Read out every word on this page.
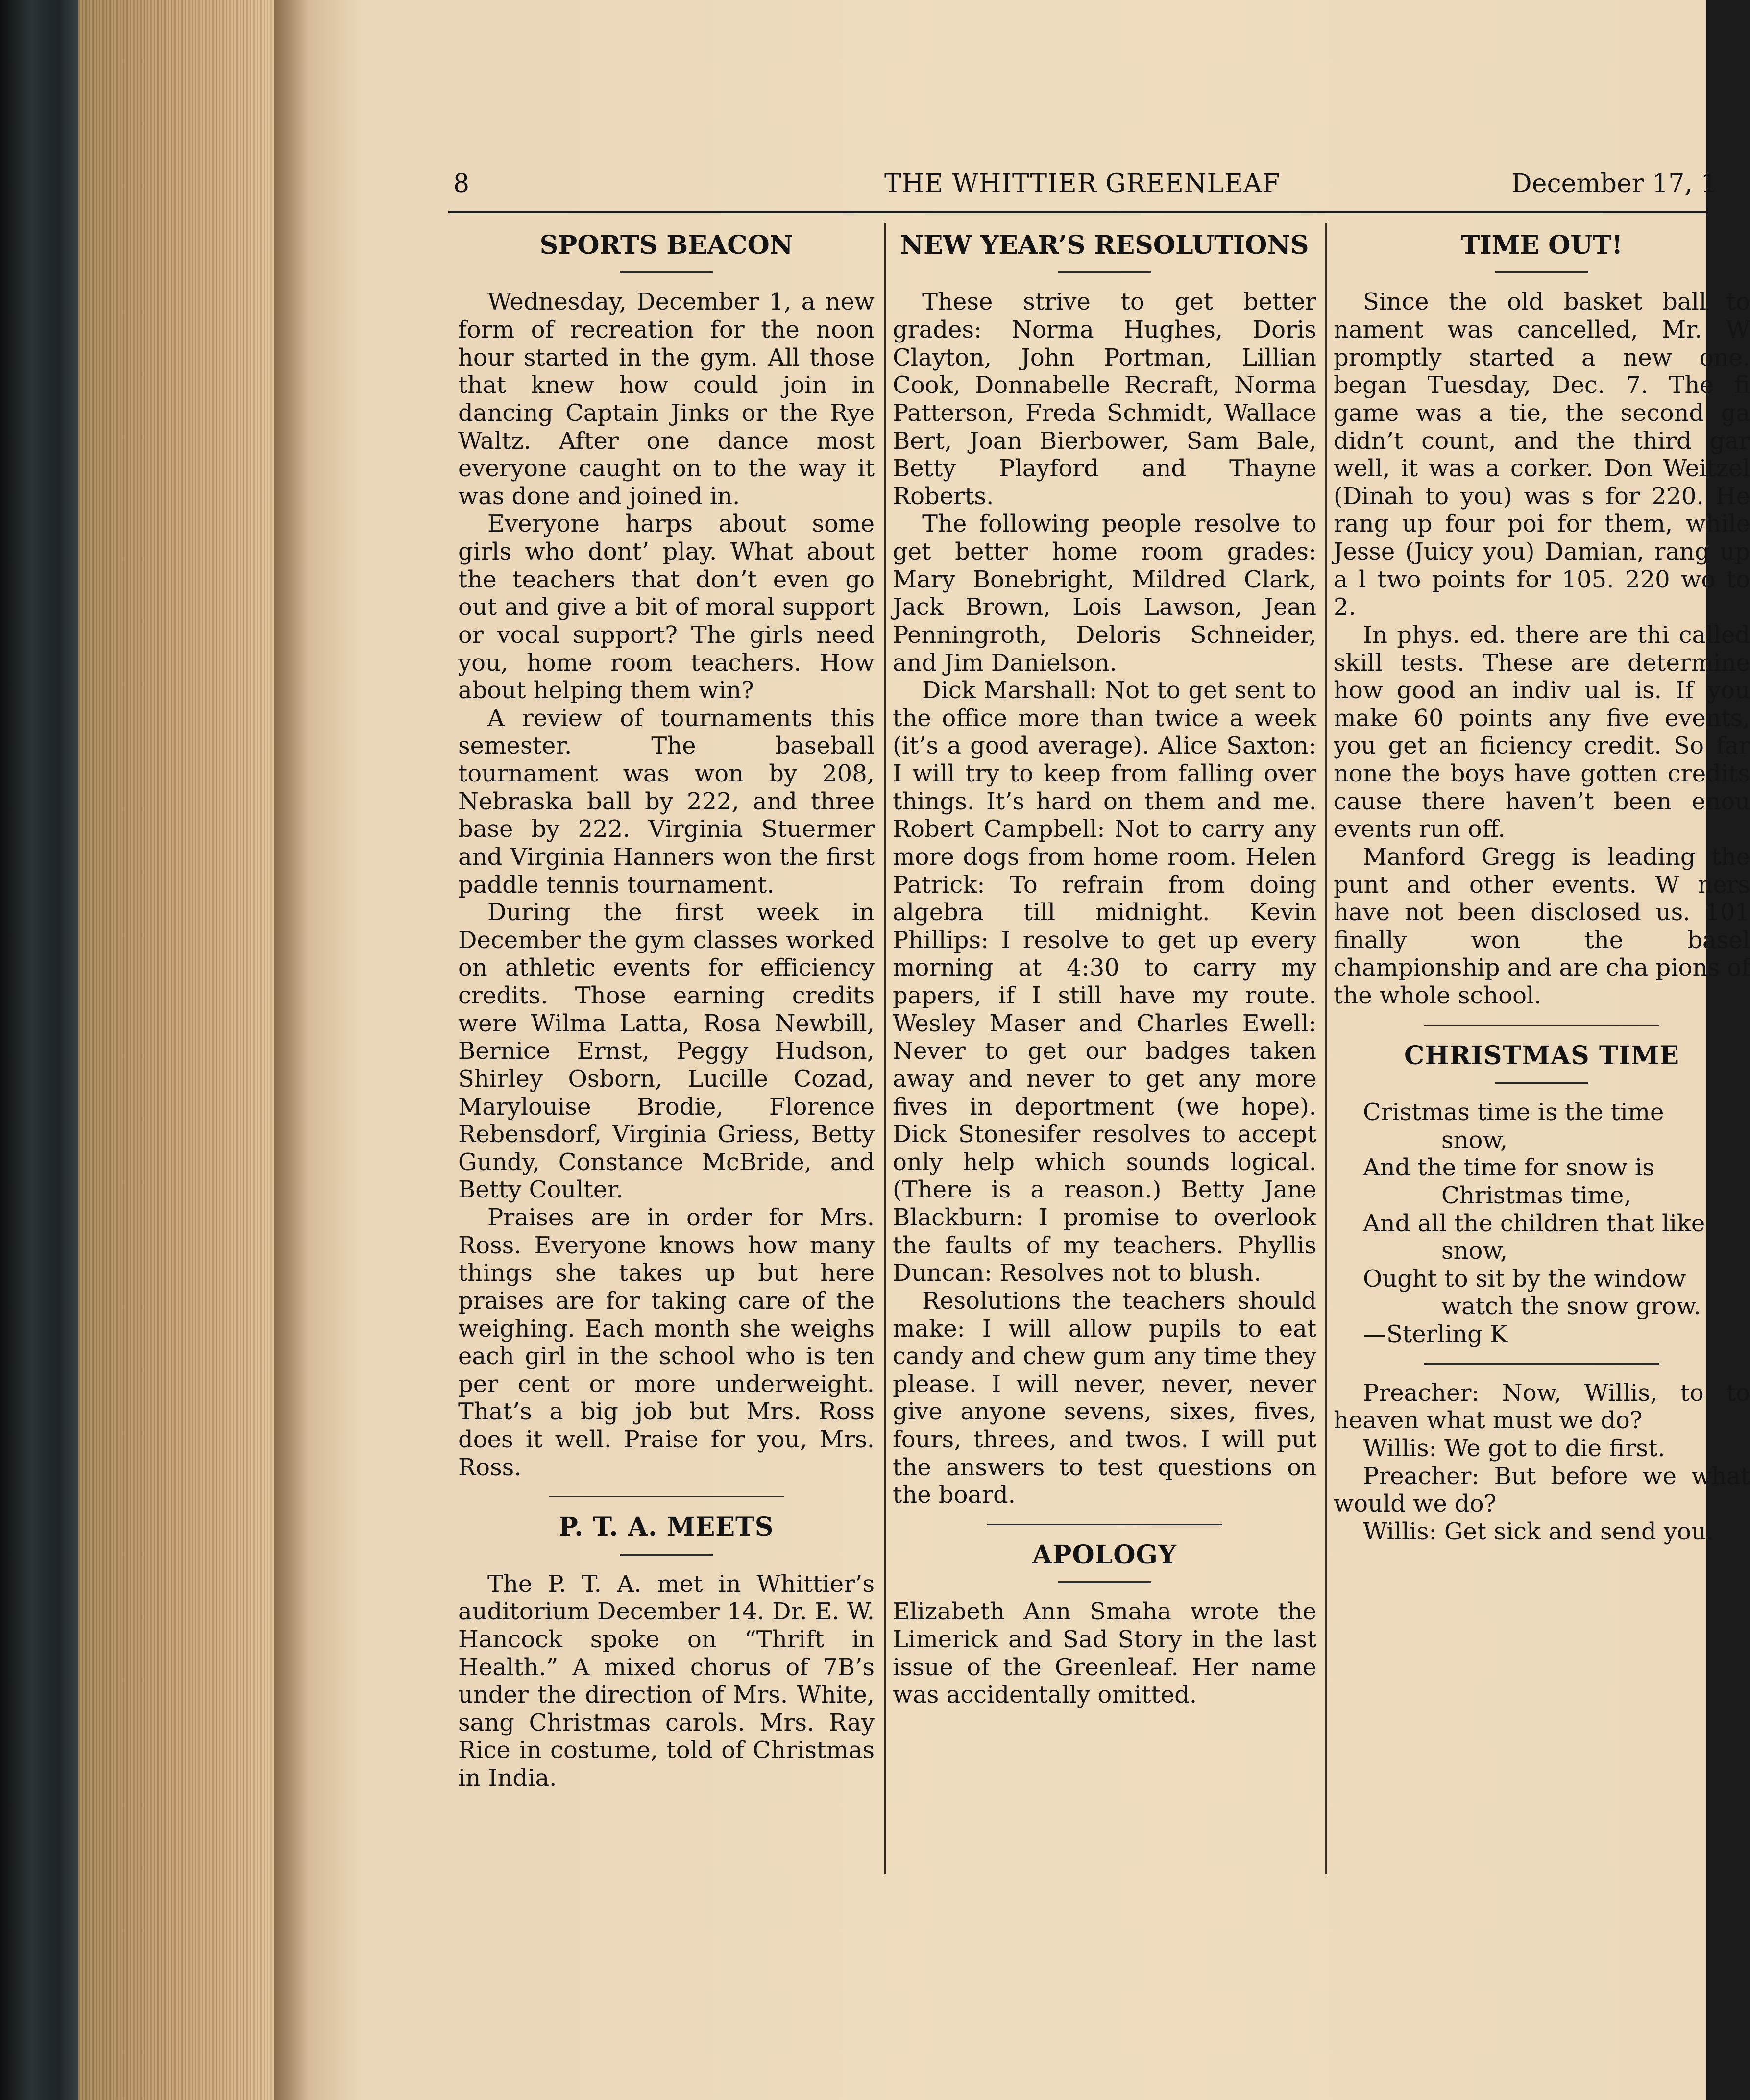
8	THE WHITTIER GREENLEAF	December 17, 1
SPORTS BEACON

Wednesday, December 1, a new form of recreation for the noon hour started in the gym. All those that knew how could join in dancing Captain Jinks or the Rye Waltz. After one dance most everyone caught on to the way it was done and joined in.

Everyone harps about some girls who dont’ play. What about the teachers that don’t even go out and give a bit of moral support or vocal support? The girls need you, home room teachers. How about helping them win?

A review of tournaments this semester. The baseball tournament was won by 208, Nebraska ball by 222, and three base by 222. Virginia Stuermer and Virginia Hanners won the first paddle tennis tournament.

During the first week in December the gym classes worked on athletic events for efficiency credits. Those earning credits were Wilma Latta, Rosa Newbill, Bernice Ernst, Peggy Hudson, Shirley Osborn, Lucille Cozad, Marylouise Brodie, Florence Rebensdorf, Virginia Griess, Betty Gundy, Constance McBride, and Betty Coulter.

Praises are in order for Mrs. Ross. Everyone knows how many things she takes up but here praises are for taking care of the weighing. Each month she weighs each girl in the school who is ten per cent or more underweight. That’s a big job but Mrs. Ross does it well. Praise for you, Mrs. Ross.

P. T. A. MEETS

The P. T. A. met in Whittier’s auditorium December 14. Dr. E. W. Hancock spoke on “Thrift in Health.” A mixed chorus of 7B’s under the direction of Mrs. White, sang Christmas carols. Mrs. Ray Rice in costume, told of Christmas in India.

NEW YEAR’S RESOLUTIONS

These strive to get better grades: Norma Hughes, Doris Clayton, John Portman, Lillian Cook, Donnabelle Recraft, Norma Patterson, Freda Schmidt, Wallace Bert, Joan Bierbower, Sam Bale, Betty Playford and Thayne Roberts.

The following people resolve to get better home room grades: Mary Bonebright, Mildred Clark, Jack Brown, Lois Lawson, Jean Penningroth, Deloris Schneider, and Jim Danielson.

Dick Marshall: Not to get sent to the office more than twice a week (it’s a good average). Alice Saxton: I will try to keep from falling over things. It’s hard on them and me. Robert Campbell: Not to carry any more dogs from home room. Helen Patrick: To refrain from doing algebra till midnight. Kevin Phillips: I resolve to get up every morning at 4:30 to carry my papers, if I still have my route. Wesley Maser and Charles Ewell: Never to get our badges taken away and never to get any more fives in deportment (we hope). Dick Stonesifer resolves to accept only help which sounds logical. (There is a reason.) Betty Jane Blackburn: I promise to overlook the faults of my teachers. Phyllis Duncan: Resolves not to blush.

Resolutions the teachers should make: I will allow pupils to eat candy and chew gum any time they please. I will never, never, never give anyone sevens, sixes, fives, fours, threes, and twos. I will put the answers to test questions on the board.

APOLOGY

Elizabeth Ann Smaha wrote the Limerick and Sad Story in the last issue of the Greenleaf. Her name was accidentally omitted.

TIME OUT!

Since the old basket ball to nament was cancelled, Mr. W promptly started a new one. began Tuesday, Dec. 7. The fi game was a tie, the second ga didn’t count, and the third gar well, it was a corker. Don Weitzel (Dinah to you) was s for 220. He rang up four poi for them, while Jesse (Juicy you) Damian, rang up a l two points for 105. 220 wo to 2.

In phys. ed. there are thi called skill tests. These are determine how good an indiv ual is. If you make 60 points any five events, you get an ficiency credit. So far none the boys have gotten credits cause there haven’t been enou events run off.

Manford Gregg is leading the punt and other events. W ners have not been disclosed us. 101 finally won the basel championship and are cha pions of the whole school.

CHRISTMAS TIME

Cristmas time is the time

snow,

And the time for snow is

Christmas time,

And all the children that like

snow,

Ought to sit by the window

watch the snow grow.

—Sterling K

Preacher: Now, Willis, to to heaven what must we do?

Willis: We got to die first.

Preacher: But before we what would we do?

Willis: Get sick and send you.
